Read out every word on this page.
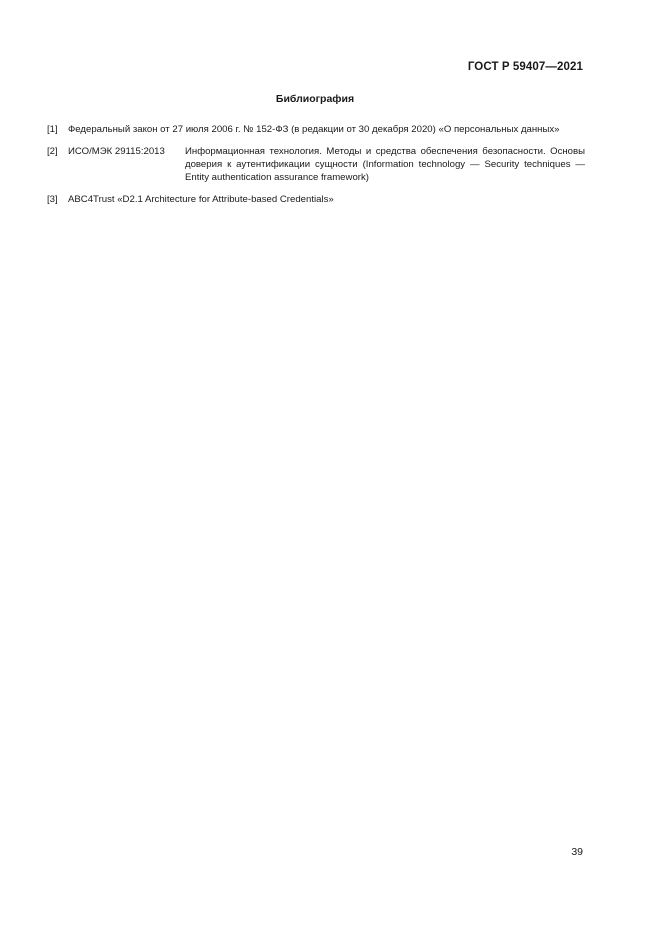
ГОСТ Р 59407—2021
Библиография
[1]	Федеральный закон от 27 июля 2006 г. № 152-ФЗ (в редакции от 30 декабря 2020) «О персональных данных»
[2]	ИСО/МЭК 29115:2013	Информационная технология. Методы и средства обеспечения безопасности. Основы доверия к аутентификации сущности (Information technology — Security techniques — Entity authentication assurance framework)
[3]	ABC4Trust «D2.1 Architecture for Attribute-based Credentials»
39
